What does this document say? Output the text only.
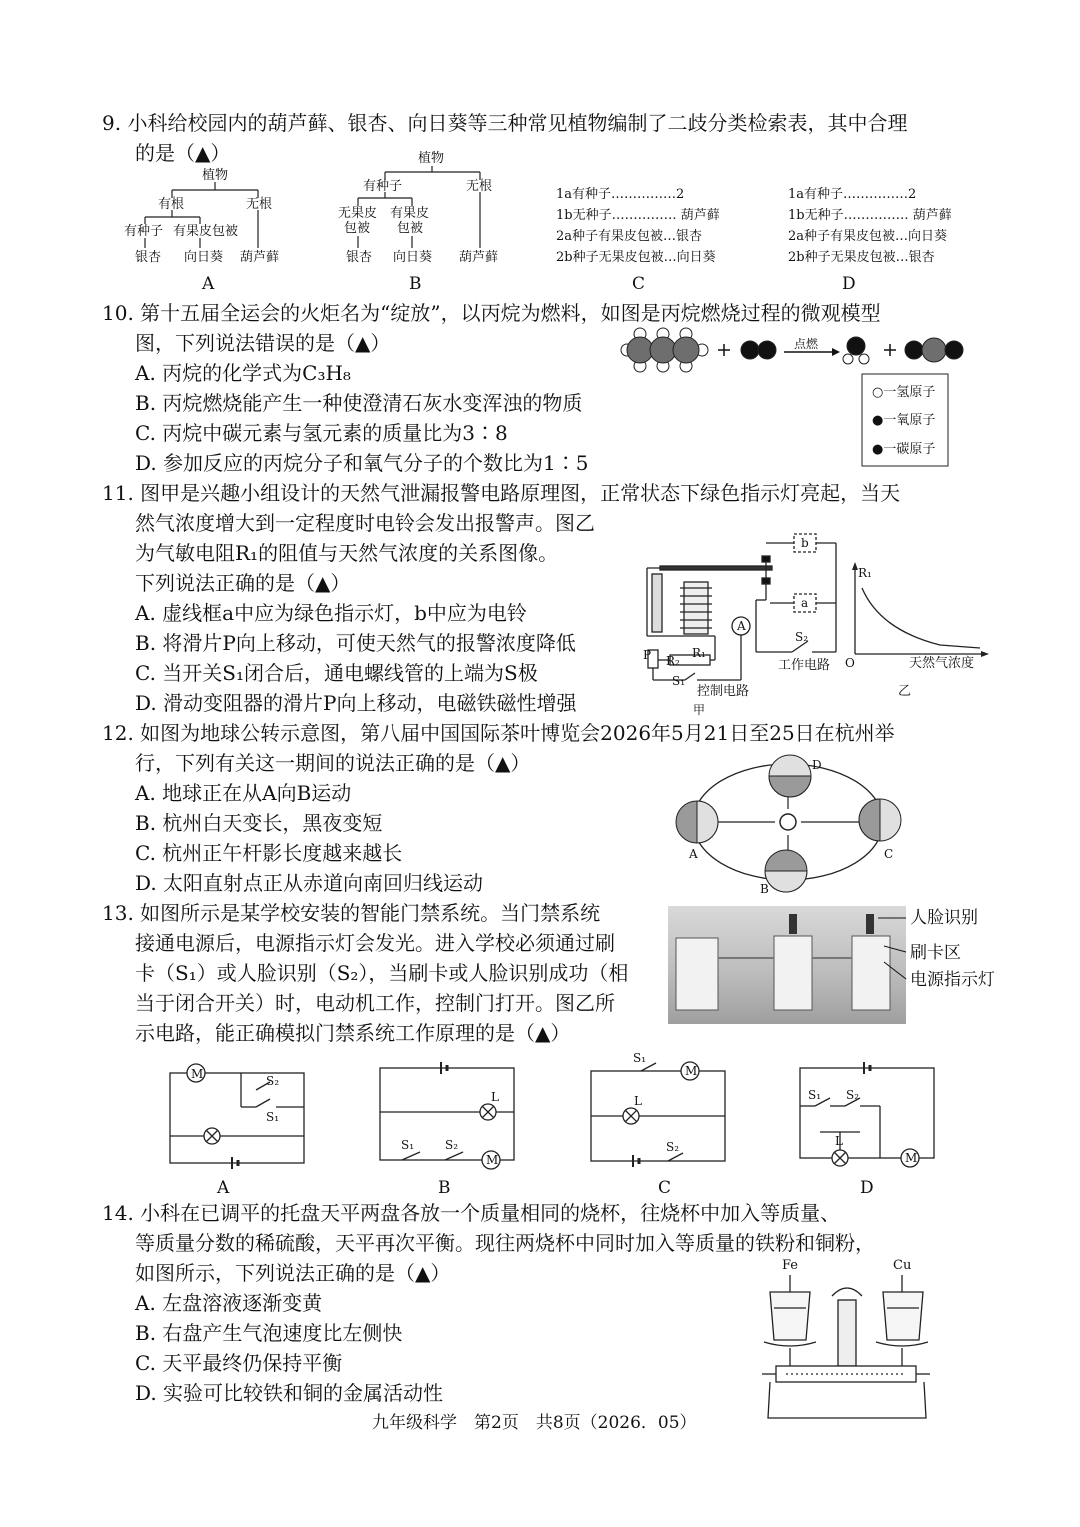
9. 小科给校园内的葫芦藓、银杏、向日葵等三种常见植物编制了二歧分类检索表，其中合理
的是（▲）
植物
有根	无根
有种子 有果皮包被
银杏 向日葵 葫芦藓
A
植物
有种子	无根
无果皮
包被
有果皮
包被
银杏 向日葵 葫芦藓
B
1a有种子……………2
1b无种子…………… 葫芦藓
2a种子有果皮包被…银杏
2b种子无果皮包被…向日葵
C
1a有种子……………2
1b无种子…………… 葫芦藓
2a种子有果皮包被…向日葵
2b种子无果皮包被…银杏
D
10. 第十五届全运会的火炬名为“绽放”，以丙烷为燃料，如图是丙烷燃烧过程的微观模型
图，下列说法错误的是（▲）
A. 丙烷的化学式为C₃H₈
B. 丙烷燃烧能产生一种使澄清石灰水变浑浊的物质
C. 丙烷中碳元素与氢元素的质量比为3∶8
D. 参加反应的丙烷分子和氧气分子的个数比为1∶5
点燃
○一氢原子
●一氧原子
●一碳原子
11. 图甲是兴趣小组设计的天然气泄漏报警电路原理图，正常状态下绿色指示灯亮起，当天
然气浓度增大到一定程度时电铃会发出报警声。图乙
为气敏电阻R₁的阻值与天然气浓度的关系图像。
下列说法正确的是（▲）
A. 虚线框a中应为绿色指示灯，b中应为电铃
B. 将滑片P向上移动，可使天然气的报警浓度降低
C. 当开关S₁闭合后，通电螺线管的上端为S极
D. 滑动变阻器的滑片P向上移动，电磁铁磁性增强
a
b
A
S₂
工作电路
S₁
控制电路
P R₂
R₁
甲
R₁
O	天然气浓度
乙
12. 如图为地球公转示意图，第八届中国国际茶叶博览会2026年5月21日至25日在杭州举
行，下列有关这一期间的说法正确的是（▲）
A. 地球正在从A向B运动
B. 杭州白天变长，黑夜变短
C. 杭州正午杆影长度越来越长
D. 太阳直射点正从赤道向南回归线运动
A
B
C
D
13. 如图所示是某学校安装的智能门禁系统。当门禁系统
接通电源后，电源指示灯会发光。进入学校必须通过刷
卡（S₁）或人脸识别（S₂），当刷卡或人脸识别成功（相
当于闭合开关）时，电动机工作，控制门打开。图乙所
示电路，能正确模拟门禁系统工作原理的是（▲）
人脸识别
刷卡区
电源指示灯
M	S₂
S₁
A
L
S₁	S₂
M
B
S₁
M
L
S₂
C
S₁ S₂
L
M
D
14. 小科在已调平的托盘天平两盘各放一个质量相同的烧杯，往烧杯中加入等质量、
等质量分数的稀硫酸，天平再次平衡。现往两烧杯中同时加入等质量的铁粉和铜粉，
如图所示，下列说法正确的是（▲）
A. 左盘溶液逐渐变黄
B. 右盘产生气泡速度比左侧快
C. 天平最终仍保持平衡
D. 实验可比较铁和铜的金属活动性
Fe	Cu
九年级科学　第2页　共8页（2026．05）
